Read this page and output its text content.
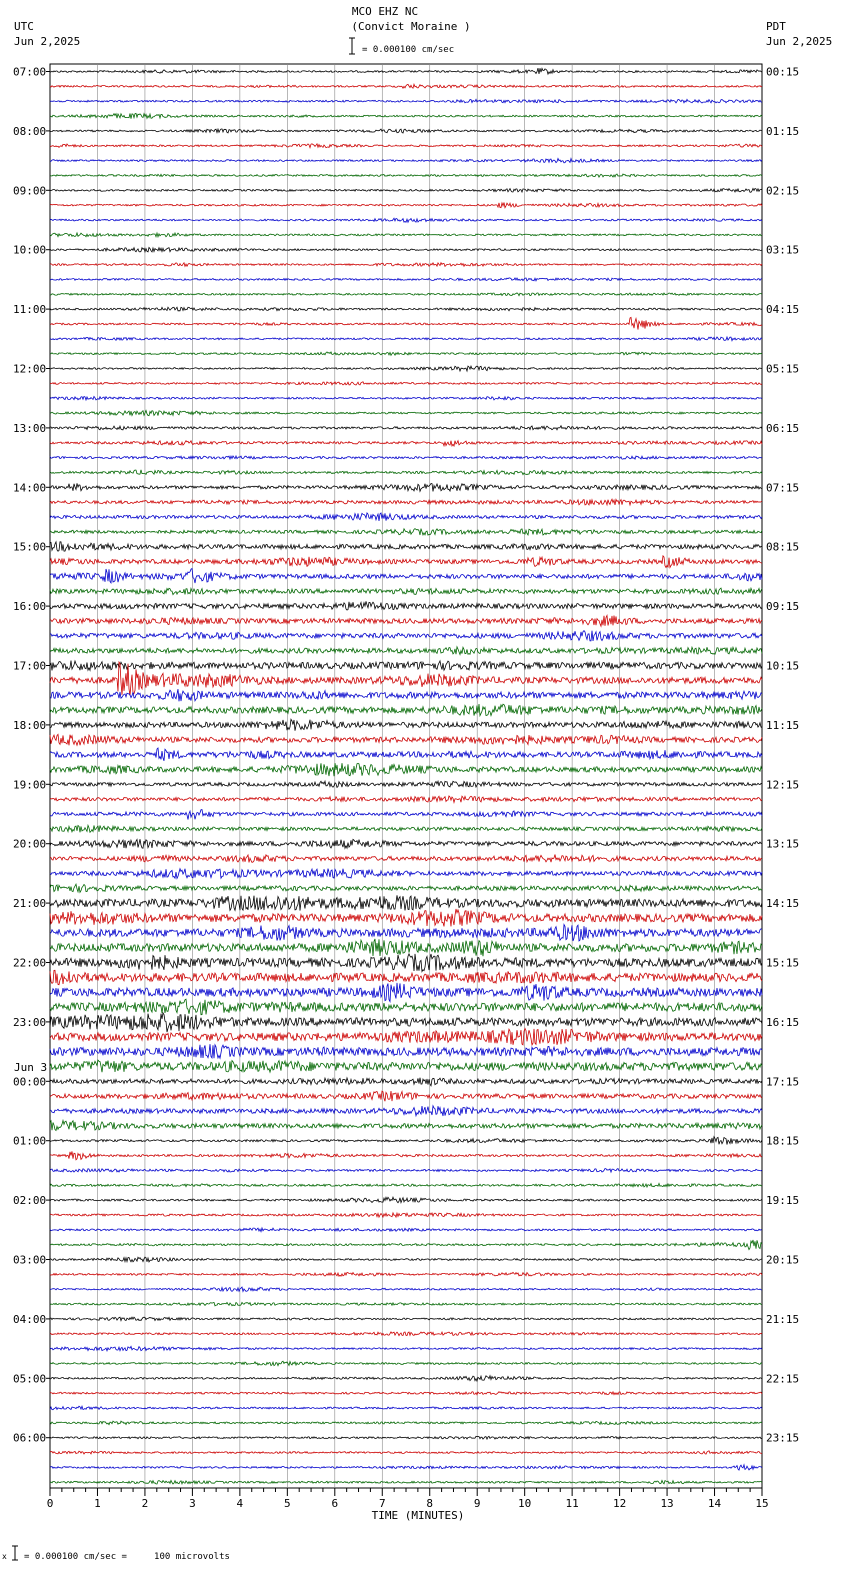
MCO EHZ NC
(Convict Moraine )
= 0.000100 cm/sec
UTC
Jun 2,2025
PDT
Jun 2,2025
07:00
08:00
09:00
10:00
11:00
12:00
13:00
14:00
15:00
16:00
17:00
18:00
19:00
20:00
21:00
22:00
23:00
00:00
01:00
02:00
03:00
04:00
05:00
06:00
00:15
01:15
02:15
03:15
04:15
05:15
06:15
07:15
08:15
09:15
10:15
11:15
12:15
13:15
14:15
15:15
16:15
17:15
18:15
19:15
20:15
21:15
22:15
23:15
0	1	2	3	4	5	6	7	8	9	10	11	12	13	14	15
Jun 3
TIME (MINUTES)
x = 0.000100 cm/sec =     100 microvolts
